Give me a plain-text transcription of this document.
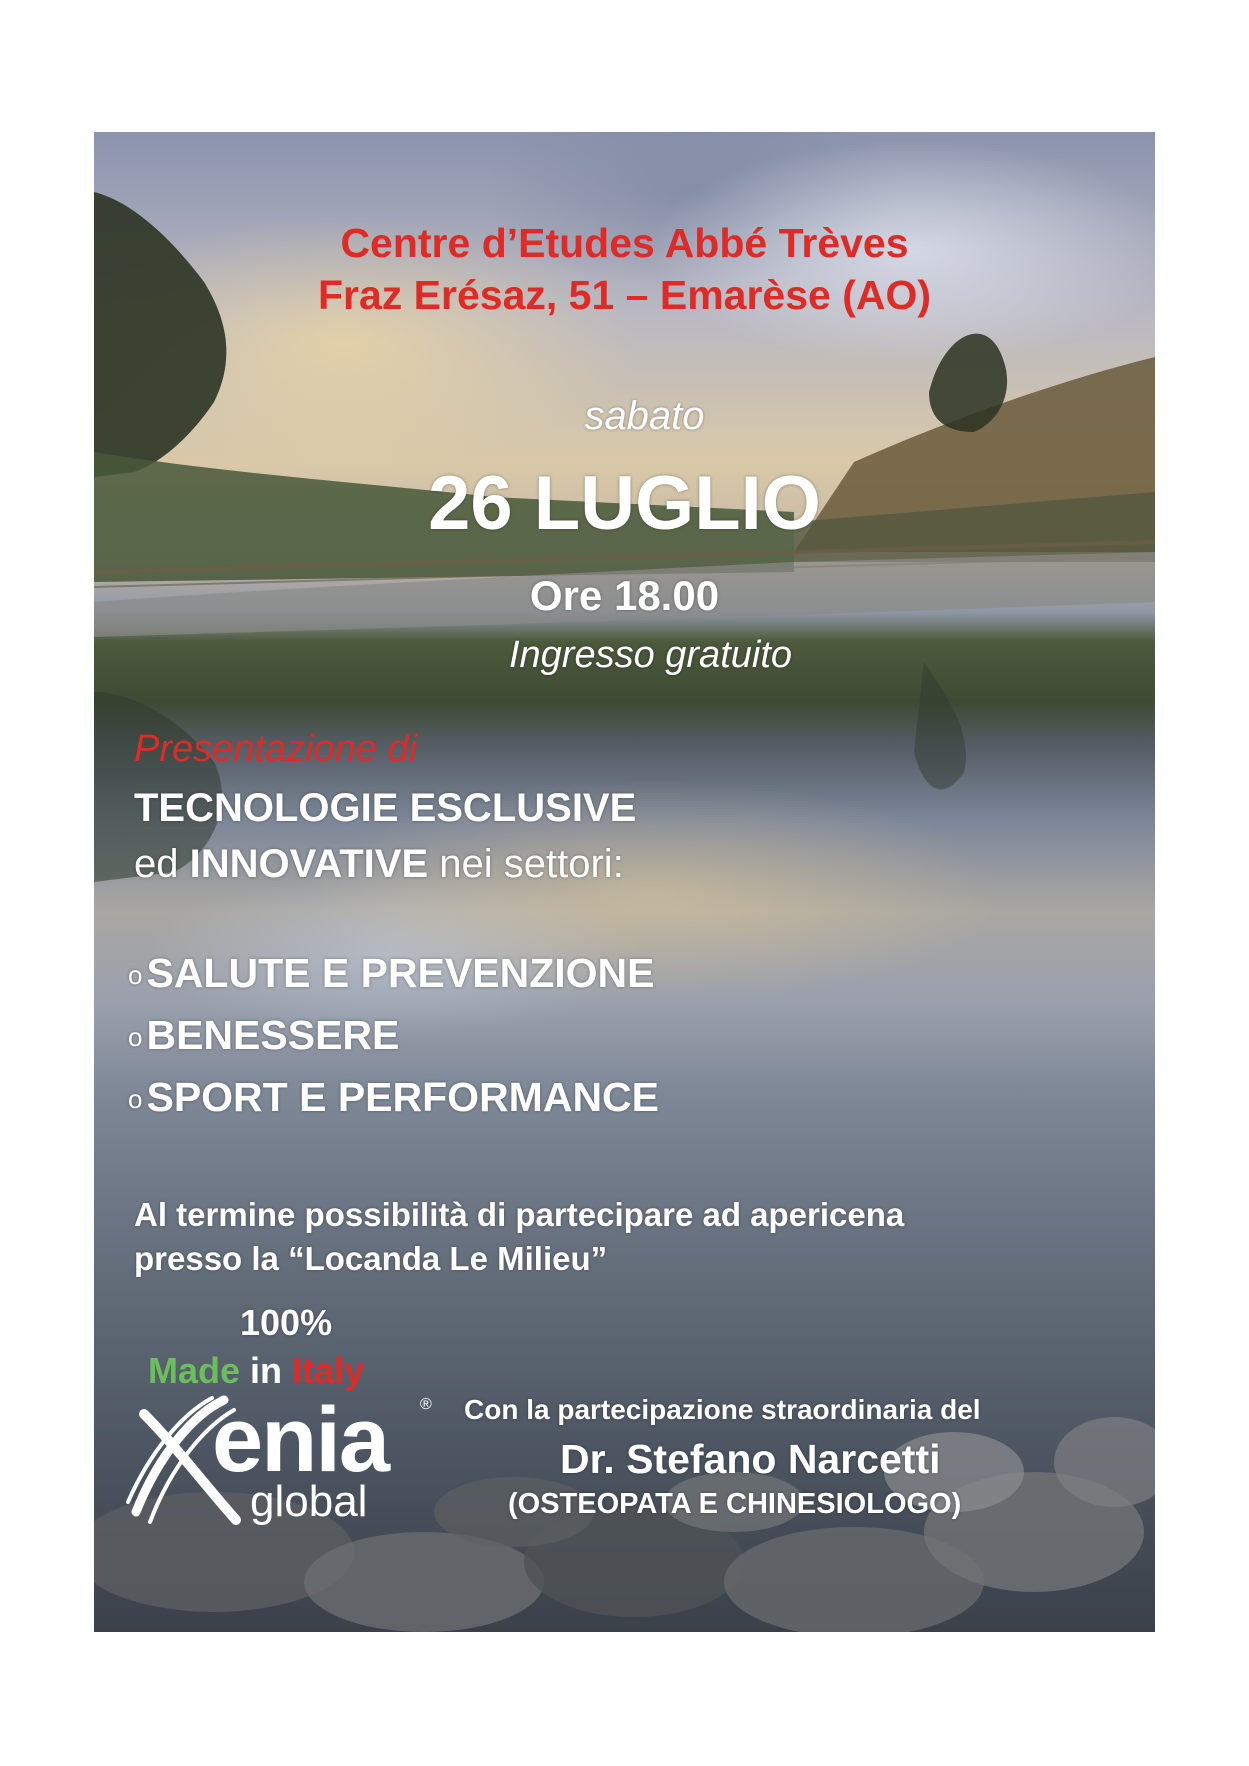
Centre d’Etudes Abbé Trèves

Fraz Erésaz, 51 – Emarèse (AO)

sabato

26 LUGLIO

Ore 18.00

Ingresso gratuito

Presentazione di

TECNOLOGIE ESCLUSIVE

ed INNOVATIVE nei settori:

oSALUTE E PREVENZIONE

oBENESSERE

oSPORT E PERFORMANCE

Al termine possibilità di partecipare ad apericena

presso la “Locanda Le Milieu”

100%

Made in Italy

enia ®
global

Con la partecipazione straordinaria del

Dr. Stefano Narcetti

(OSTEOPATA E CHINESIOLOGO)
